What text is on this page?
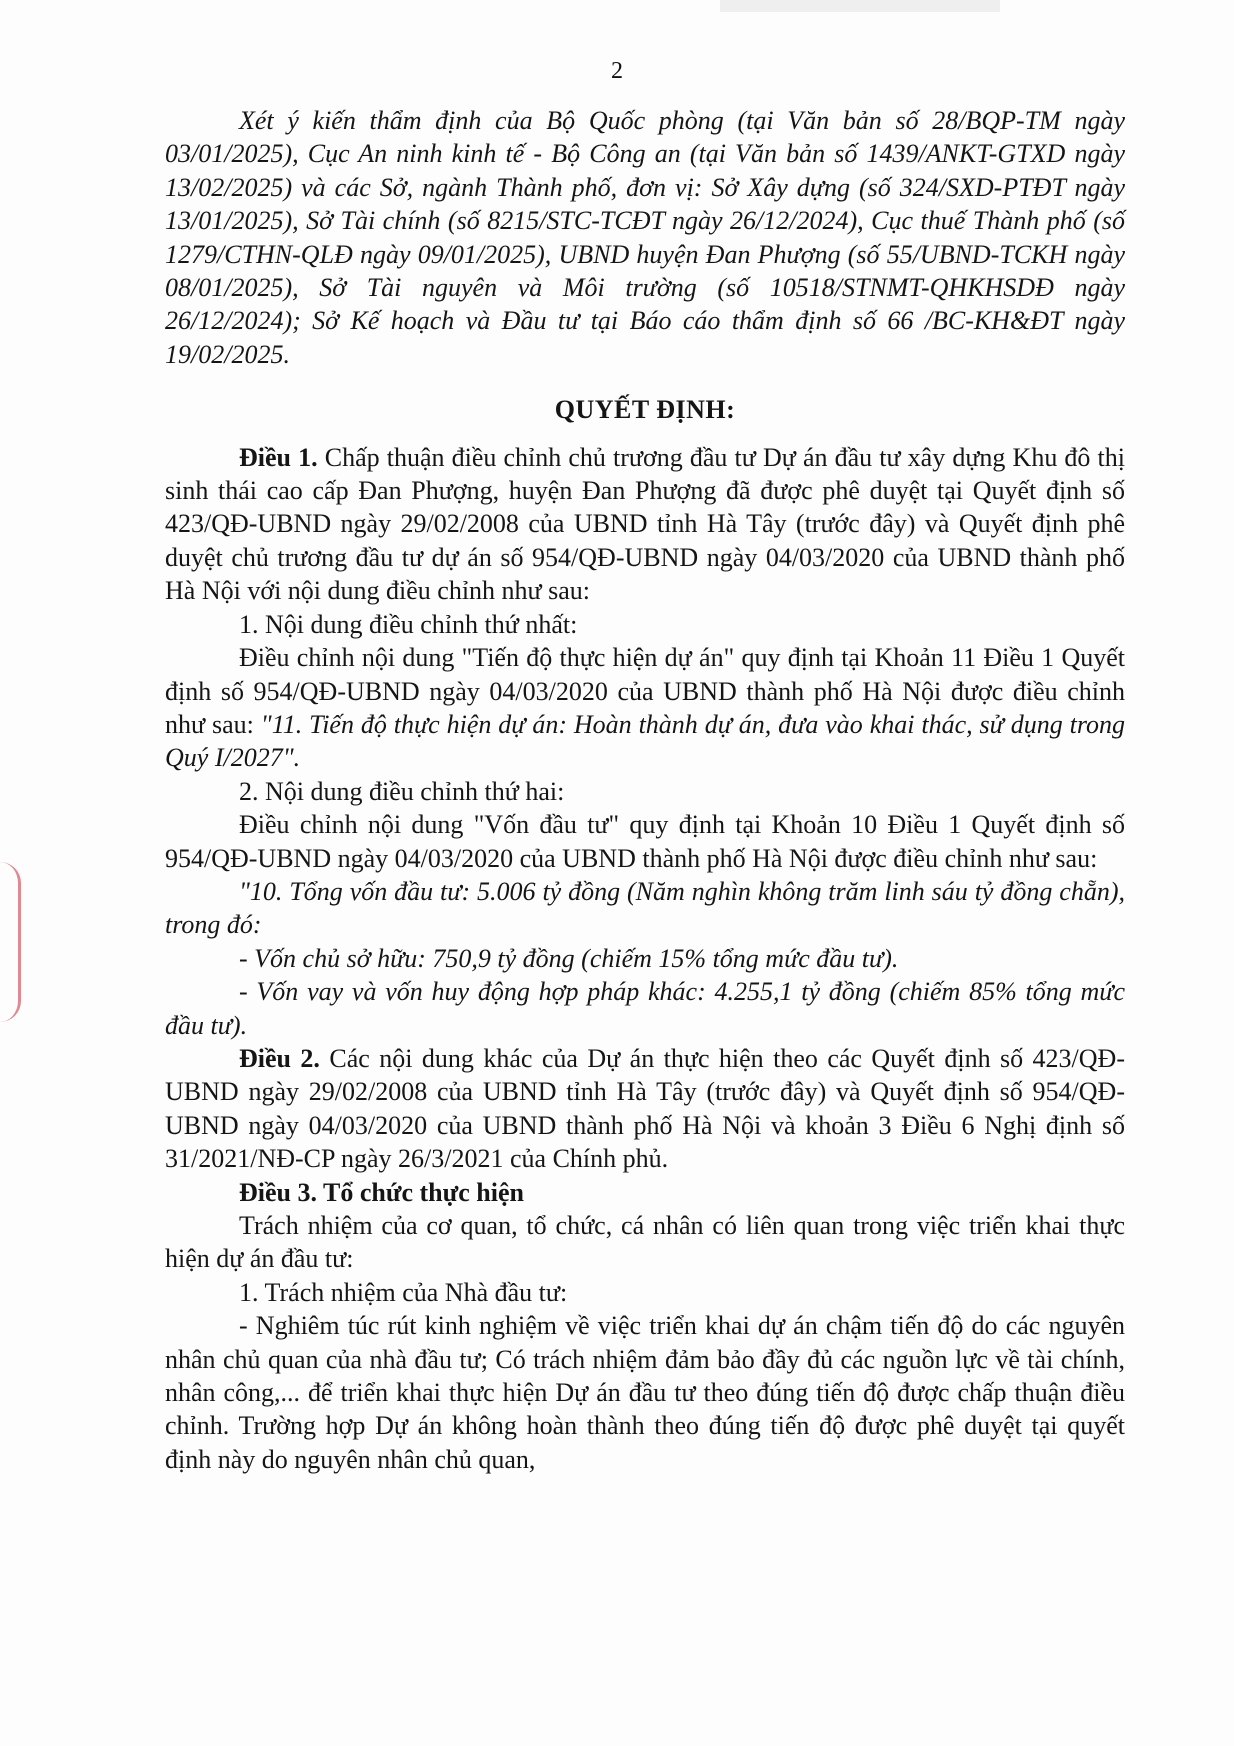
2

Xét ý kiến thẩm định của Bộ Quốc phòng (tại Văn bản số 28/BQP-TM ngày 03/01/2025), Cục An ninh kinh tế - Bộ Công an (tại Văn bản số 1439/ANKT-GTXD ngày 13/02/2025) và các Sở, ngành Thành phố, đơn vị: Sở Xây dựng (số 324/SXD-PTĐT ngày 13/01/2025), Sở Tài chính (số 8215/STC-TCĐT ngày 26/12/2024), Cục thuế Thành phố (số 1279/CTHN-QLĐ ngày 09/01/2025), UBND huyện Đan Phượng (số 55/UBND-TCKH ngày 08/01/2025), Sở Tài nguyên và Môi trường (số 10518/STNMT-QHKHSDĐ ngày 26/12/2024); Sở Kế hoạch và Đầu tư tại Báo cáo thẩm định số 66 /BC-KH&ĐT ngày 19/02/2025.

QUYẾT ĐỊNH:

Điều 1. Chấp thuận điều chỉnh chủ trương đầu tư Dự án đầu tư xây dựng Khu đô thị sinh thái cao cấp Đan Phượng, huyện Đan Phượng đã được phê duyệt tại Quyết định số 423/QĐ-UBND ngày 29/02/2008 của UBND tỉnh Hà Tây (trước đây) và Quyết định phê duyệt chủ trương đầu tư dự án số 954/QĐ-UBND ngày 04/03/2020 của UBND thành phố Hà Nội với nội dung điều chỉnh như sau:

1. Nội dung điều chỉnh thứ nhất:

Điều chỉnh nội dung "Tiến độ thực hiện dự án" quy định tại Khoản 11 Điều 1 Quyết định số 954/QĐ-UBND ngày 04/03/2020 của UBND thành phố Hà Nội được điều chỉnh như sau: "11. Tiến độ thực hiện dự án: Hoàn thành dự án, đưa vào khai thác, sử dụng trong Quý I/2027".

2. Nội dung điều chỉnh thứ hai:

Điều chỉnh nội dung "Vốn đầu tư" quy định tại Khoản 10 Điều 1 Quyết định số 954/QĐ-UBND ngày 04/03/2020 của UBND thành phố Hà Nội được điều chỉnh như sau:

"10. Tổng vốn đầu tư: 5.006 tỷ đồng (Năm nghìn không trăm linh sáu tỷ đồng chẵn), trong đó:

- Vốn chủ sở hữu: 750,9 tỷ đồng (chiếm 15% tổng mức đầu tư).

- Vốn vay và vốn huy động hợp pháp khác: 4.255,1 tỷ đồng (chiếm 85% tổng mức đầu tư).

Điều 2. Các nội dung khác của Dự án thực hiện theo các Quyết định số 423/QĐ-UBND ngày 29/02/2008 của UBND tỉnh Hà Tây (trước đây) và Quyết định số 954/QĐ-UBND ngày 04/03/2020 của UBND thành phố Hà Nội và khoản 3 Điều 6 Nghị định số 31/2021/NĐ-CP ngày 26/3/2021 của Chính phủ.

Điều 3. Tổ chức thực hiện

Trách nhiệm của cơ quan, tổ chức, cá nhân có liên quan trong việc triển khai thực hiện dự án đầu tư:

1. Trách nhiệm của Nhà đầu tư:

- Nghiêm túc rút kinh nghiệm về việc triển khai dự án chậm tiến độ do các nguyên nhân chủ quan của nhà đầu tư; Có trách nhiệm đảm bảo đầy đủ các nguồn lực về tài chính, nhân công,... để triển khai thực hiện Dự án đầu tư theo đúng tiến độ được chấp thuận điều chỉnh. Trường hợp Dự án không hoàn thành theo đúng tiến độ được phê duyệt tại quyết định này do nguyên nhân chủ quan,
